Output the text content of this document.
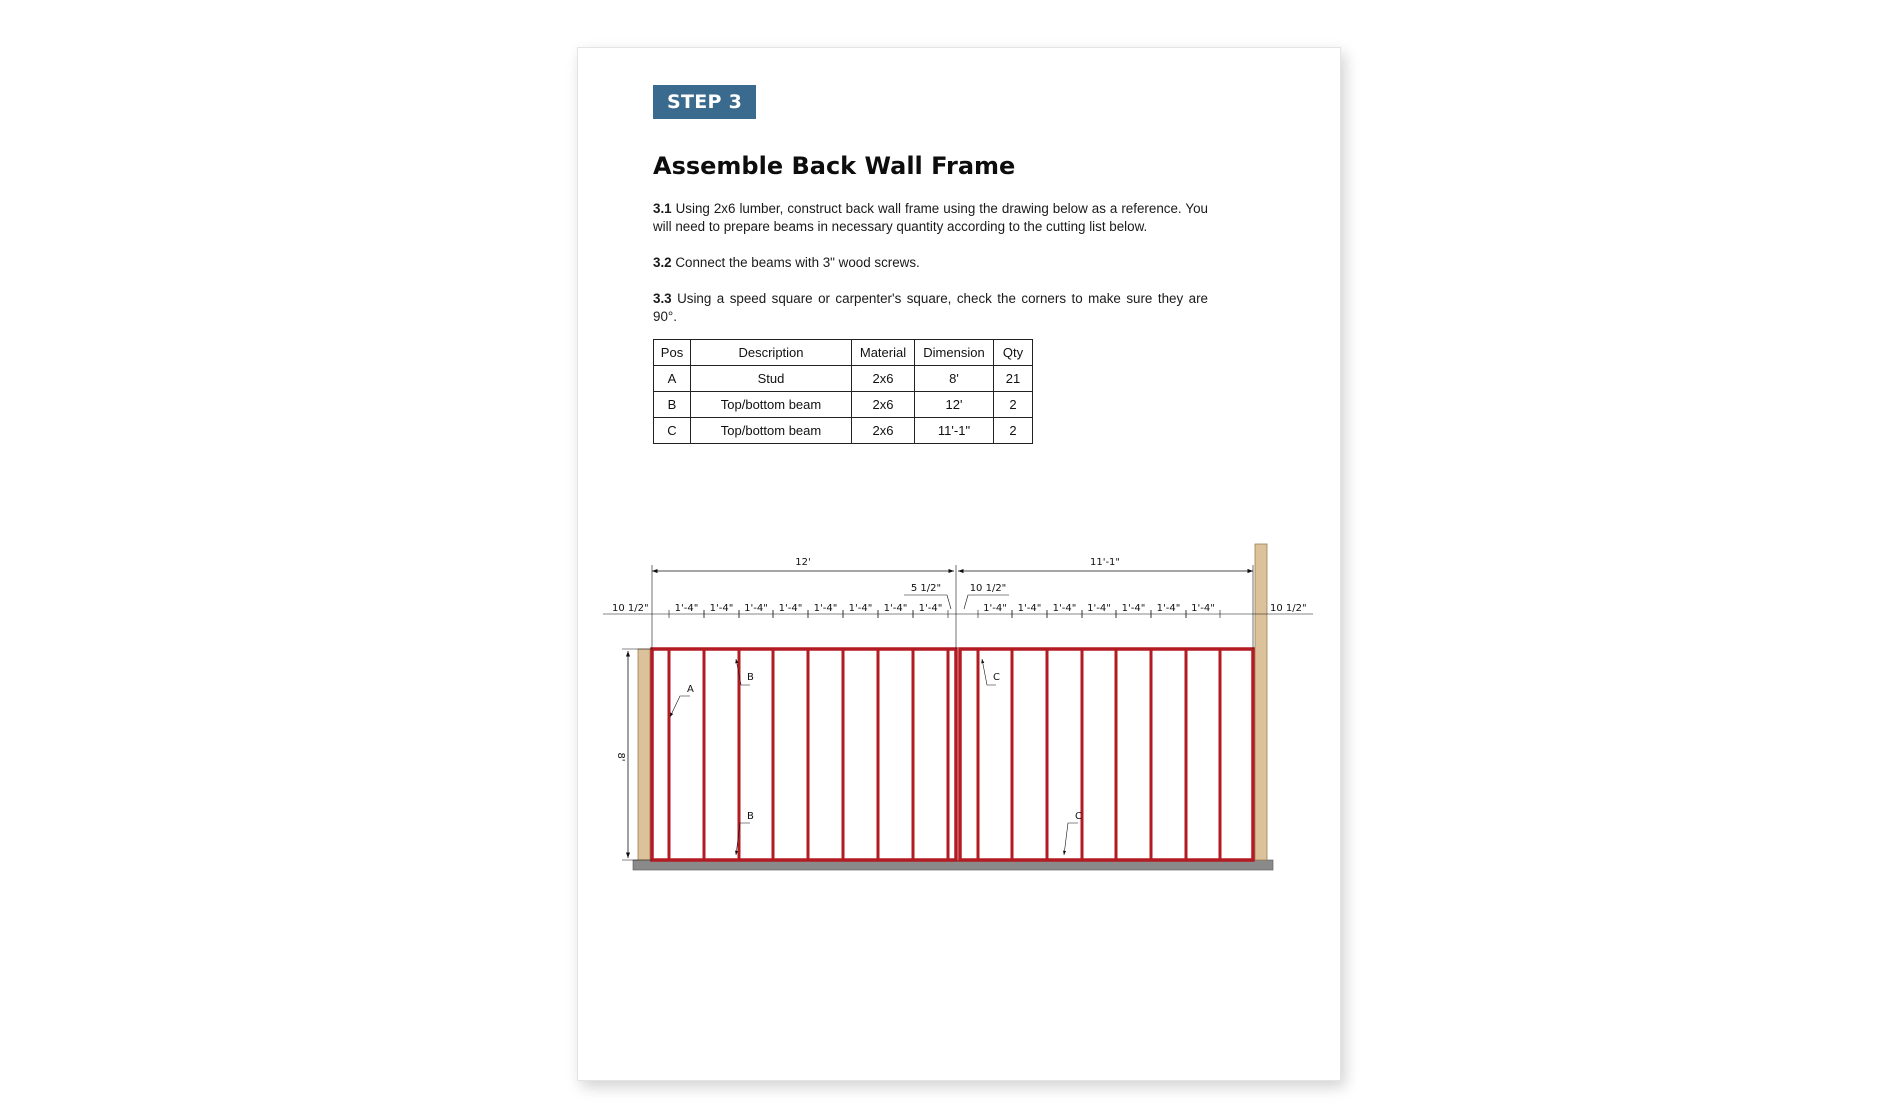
STEP 3
Assemble Back Wall Frame

3.1 Using 2x6 lumber, construct back wall frame using the drawing below as a reference. You will need to prepare beams in necessary quantity according to the cutting list below.

3.2 Connect the beams with 3" wood screws.

3.3 Using a speed square or carpenter's square, check the corners to make sure they are 90°.

Pos	Description	Material	Dimension	Qty
A	Stud	2x6	8'	21
B	Top/bottom beam	2x6	12'	2
C	Top/bottom beam	2x6	11'-1"	2
12'	11'-1"
5 1/2"	10 1/2"
1'-4" 1'-4" 1'-4" 1'-4" 1'-4" 1'-4" 1'-4" 1'-4"	1'-4" 1'-4" 1'-4" 1'-4" 1'-4" 1'-4" 1'-4"
10 1/2"	10 1/2"
8'
A
B
B
C
C
